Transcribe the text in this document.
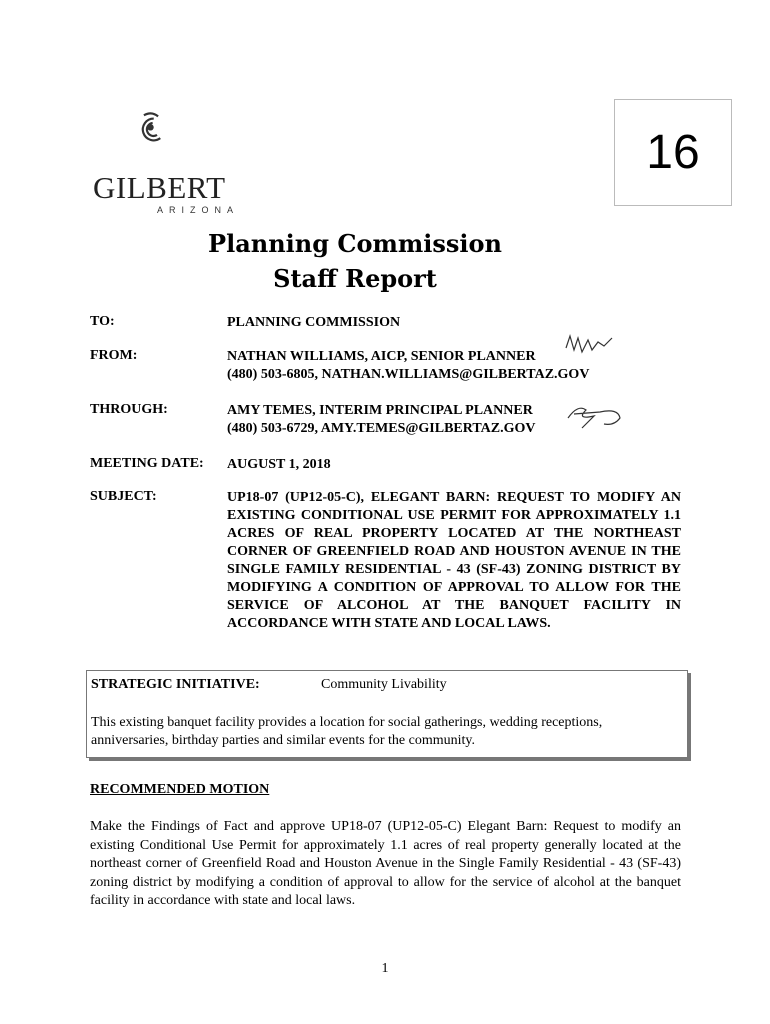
GILBERT
ARIZONA
16
Planning Commission
Staff Report
TO:	PLANNING COMMISSION
FROM:	NATHAN WILLIAMS, AICP, SENIOR PLANNER
(480) 503-6805, NATHAN.WILLIAMS@GILBERTAZ.GOV
THROUGH:	AMY TEMES, INTERIM PRINCIPAL PLANNER
(480) 503-6729, AMY.TEMES@GILBERTAZ.GOV
MEETING DATE: AUGUST 1, 2018
SUBJECT:	UP18-07 (UP12-05-C), ELEGANT BARN: REQUEST TO MODIFY AN EXISTING CONDITIONAL USE PERMIT FOR APPROXIMATELY 1.1 ACRES OF REAL PROPERTY LOCATED AT THE NORTHEAST CORNER OF GREENFIELD ROAD AND HOUSTON AVENUE IN THE SINGLE FAMILY RESIDENTIAL - 43 (SF-43) ZONING DISTRICT BY MODIFYING A CONDITION OF APPROVAL TO ALLOW FOR THE SERVICE OF ALCOHOL AT THE BANQUET FACILITY IN ACCORDANCE WITH STATE AND LOCAL LAWS.
STRATEGIC INITIATIVE:	Community Livability
This existing banquet facility provides a location for social gatherings, wedding receptions, anniversaries, birthday parties and similar events for the community.
RECOMMENDED MOTION
Make the Findings of Fact and approve UP18-07 (UP12-05-C) Elegant Barn: Request to modify an existing Conditional Use Permit for approximately 1.1 acres of real property generally located at the northeast corner of Greenfield Road and Houston Avenue in the Single Family Residential - 43 (SF-43) zoning district by modifying a condition of approval to allow for the service of alcohol at the banquet facility in accordance with state and local laws.
1
